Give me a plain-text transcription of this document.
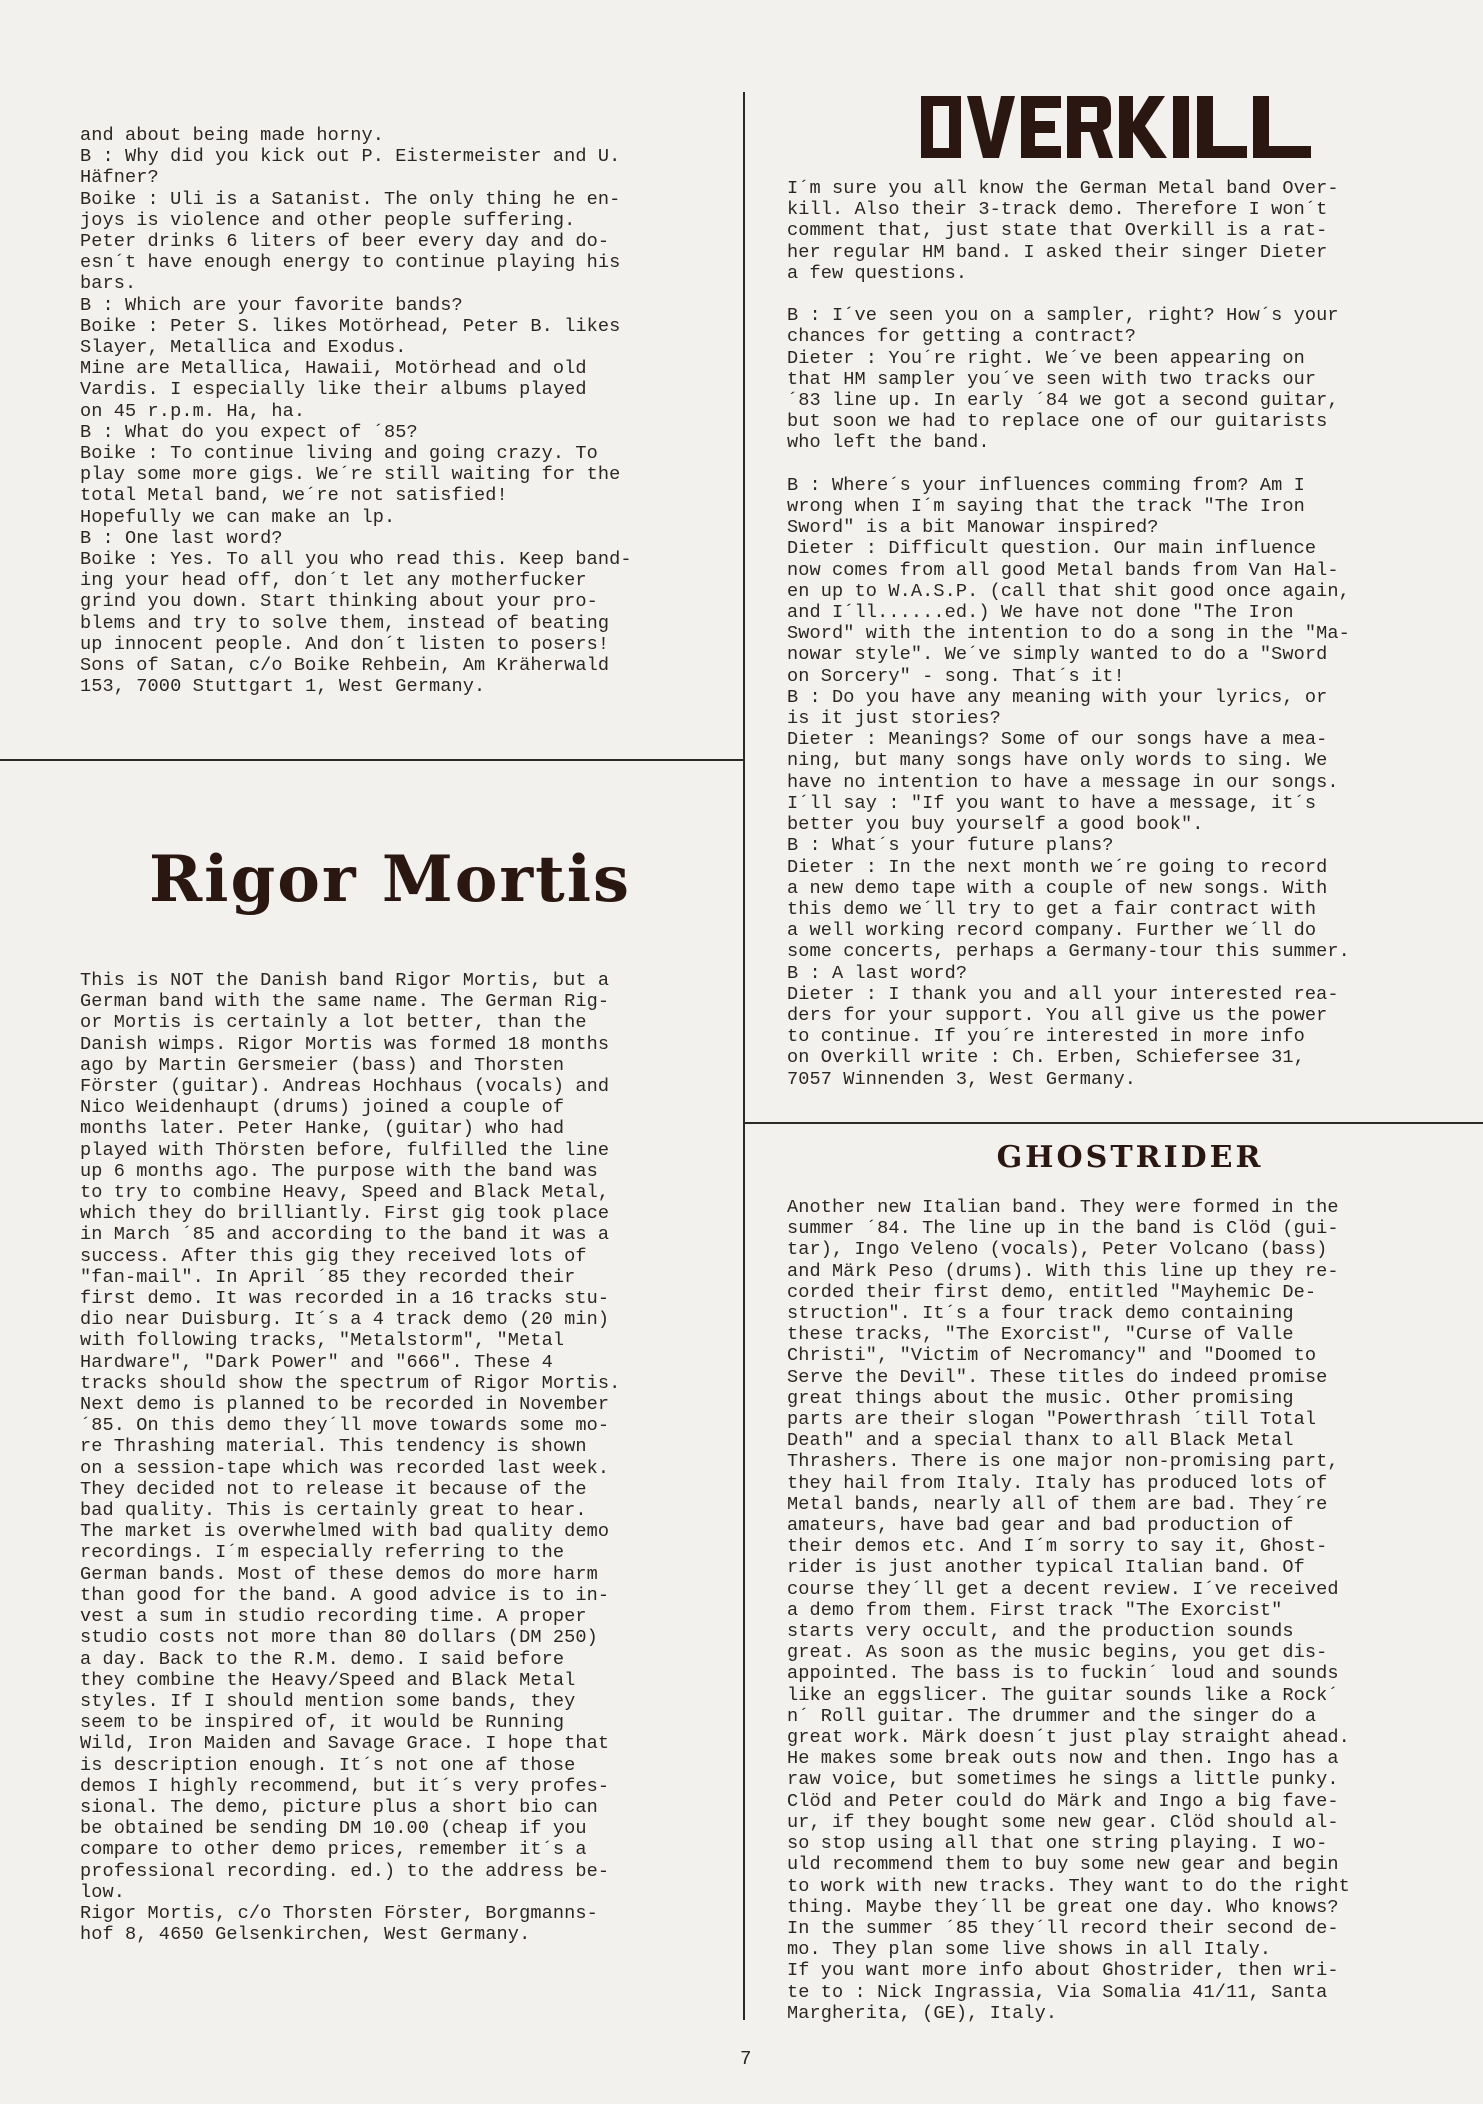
and about being made horny.

B : Why did you kick out P. Eistermeister and U.

Häfner?

Boike : Uli is a Satanist. The only thing he en-

joys is violence and other people suffering.

Peter drinks 6 liters of beer every day and do-

esn´t have enough energy to continue playing his

bars.

B : Which are your favorite bands?

Boike : Peter S. likes Motörhead, Peter B. likes

Slayer, Metallica and Exodus.

Mine are Metallica, Hawaii, Motörhead and old

Vardis. I especially like their albums played

on 45 r.p.m. Ha, ha.

B : What do you expect of ´85?

Boike : To continue living and going crazy. To

play some more gigs. We´re still waiting for the

total Metal band, we´re not satisfied!

Hopefully we can make an lp.

B : One last word?

Boike : Yes. To all you who read this. Keep band-

ing your head off, don´t let any motherfucker

grind you down. Start thinking about your pro-

blems and try to solve them, instead of beating

up innocent people. And don´t listen to posers!

Sons of Satan, c/o Boike Rehbein, Am Kräherwald

153, 7000 Stuttgart 1, West Germany.

Rigor Mortis

This is NOT the Danish band Rigor Mortis, but a

German band with the same name. The German Rig-

or Mortis is certainly a lot better, than the

Danish wimps. Rigor Mortis was formed 18 months

ago by Martin Gersmeier (bass) and Thorsten

Förster (guitar). Andreas Hochhaus (vocals) and

Nico Weidenhaupt (drums) joined a couple of

months later. Peter Hanke, (guitar) who had

played with Thörsten before, fulfilled the line

up 6 months ago. The purpose with the band was

to try to combine Heavy, Speed and Black Metal,

which they do brilliantly. First gig took place

in March ´85 and according to the band it was a

success. After this gig they received lots of

"fan-mail". In April ´85 they recorded their

first demo. It was recorded in a 16 tracks stu-

dio near Duisburg. It´s a 4 track demo (20 min)

with following tracks, "Metalstorm", "Metal

Hardware", "Dark Power" and "666". These 4

tracks should show the spectrum of Rigor Mortis.

Next demo is planned to be recorded in November

´85. On this demo they´ll move towards some mo-

re Thrashing material. This tendency is shown

on a session-tape which was recorded last week.

They decided not to release it because of the

bad quality. This is certainly great to hear.

The market is overwhelmed with bad quality demo

recordings. I´m especially referring to the

German bands. Most of these demos do more harm

than good for the band. A good advice is to in-

vest a sum in studio recording time. A proper

studio costs not more than 80 dollars (DM 250)

a day. Back to the R.M. demo. I said before

they combine the Heavy/Speed and Black Metal

styles. If I should mention some bands, they

seem to be inspired of, it would be Running

Wild, Iron Maiden and Savage Grace. I hope that

is description enough. It´s not one af those

demos I highly recommend, but it´s very profes-

sional. The demo, picture plus a short bio can

be obtained be sending DM 10.00 (cheap if you

compare to other demo prices, remember it´s a

professional recording. ed.) to the address be-

low.

Rigor Mortis, c/o Thorsten Förster, Borgmanns-

hof 8, 4650 Gelsenkirchen, West Germany.

I´m sure you all know the German Metal band Over-

kill. Also their 3-track demo. Therefore I won´t

comment that, just state that Overkill is a rat-

her regular HM band. I asked their singer Dieter

a few questions.

B : I´ve seen you on a sampler, right? How´s your

chances for getting a contract?

Dieter : You´re right. We´ve been appearing on

that HM sampler you´ve seen with two tracks our

´83 line up. In early ´84 we got a second guitar,

but soon we had to replace one of our guitarists

who left the band.

B : Where´s your influences comming from? Am I

wrong when I´m saying that the track "The Iron

Sword" is a bit Manowar inspired?

Dieter : Difficult question. Our main influence

now comes from all good Metal bands from Van Hal-

en up to W.A.S.P. (call that shit good once again,

and I´ll......ed.) We have not done "The Iron

Sword" with the intention to do a song in the "Ma-

nowar style". We´ve simply wanted to do a "Sword

on Sorcery" - song. That´s it!

B : Do you have any meaning with your lyrics, or

is it just stories?

Dieter : Meanings? Some of our songs have a mea-

ning, but many songs have only words to sing. We

have no intention to have a message in our songs.

I´ll say : "If you want to have a message, it´s

better you buy yourself a good book".

B : What´s your future plans?

Dieter : In the next month we´re going to record

a new demo tape with a couple of new songs. With

this demo we´ll try to get a fair contract with

a well working record company. Further we´ll do

some concerts, perhaps a Germany-tour this summer.

B : A last word?

Dieter : I thank you and all your interested rea-

ders for your support. You all give us the power

to continue. If you´re interested in more info

on Overkill write : Ch. Erben, Schiefersee 31,

7057 Winnenden 3, West Germany.

GHOSTRIDER

Another new Italian band. They were formed in the

summer ´84. The line up in the band is Clöd (gui-

tar), Ingo Veleno (vocals), Peter Volcano (bass)

and Märk Peso (drums). With this line up they re-

corded their first demo, entitled "Mayhemic De-

struction". It´s a four track demo containing

these tracks, "The Exorcist", "Curse of Valle

Christi", "Victim of Necromancy" and "Doomed to

Serve the Devil". These titles do indeed promise

great things about the music. Other promising

parts are their slogan "Powerthrash ´till Total

Death" and a special thanx to all Black Metal

Thrashers. There is one major non-promising part,

they hail from Italy. Italy has produced lots of

Metal bands, nearly all of them are bad. They´re

amateurs, have bad gear and bad production of

their demos etc. And I´m sorry to say it, Ghost-

rider is just another typical Italian band. Of

course they´ll get a decent review. I´ve received

a demo from them. First track "The Exorcist"

starts very occult, and the production sounds

great. As soon as the music begins, you get dis-

appointed. The bass is to fuckin´ loud and sounds

like an eggslicer. The guitar sounds like a Rock´

n´ Roll guitar. The drummer and the singer do a

great work. Märk doesn´t just play straight ahead.

He makes some break outs now and then. Ingo has a

raw voice, but sometimes he sings a little punky.

Clöd and Peter could do Märk and Ingo a big fave-

ur, if they bought some new gear. Clöd should al-

so stop using all that one string playing. I wo-

uld recommend them to buy some new gear and begin

to work with new tracks. They want to do the right

thing. Maybe they´ll be great one day. Who knows?

In the summer ´85 they´ll record their second de-

mo. They plan some live shows in all Italy.

If you want more info about Ghostrider, then wri-

te to : Nick Ingrassia, Via Somalia 41/11, Santa

Margherita, (GE), Italy.

7
